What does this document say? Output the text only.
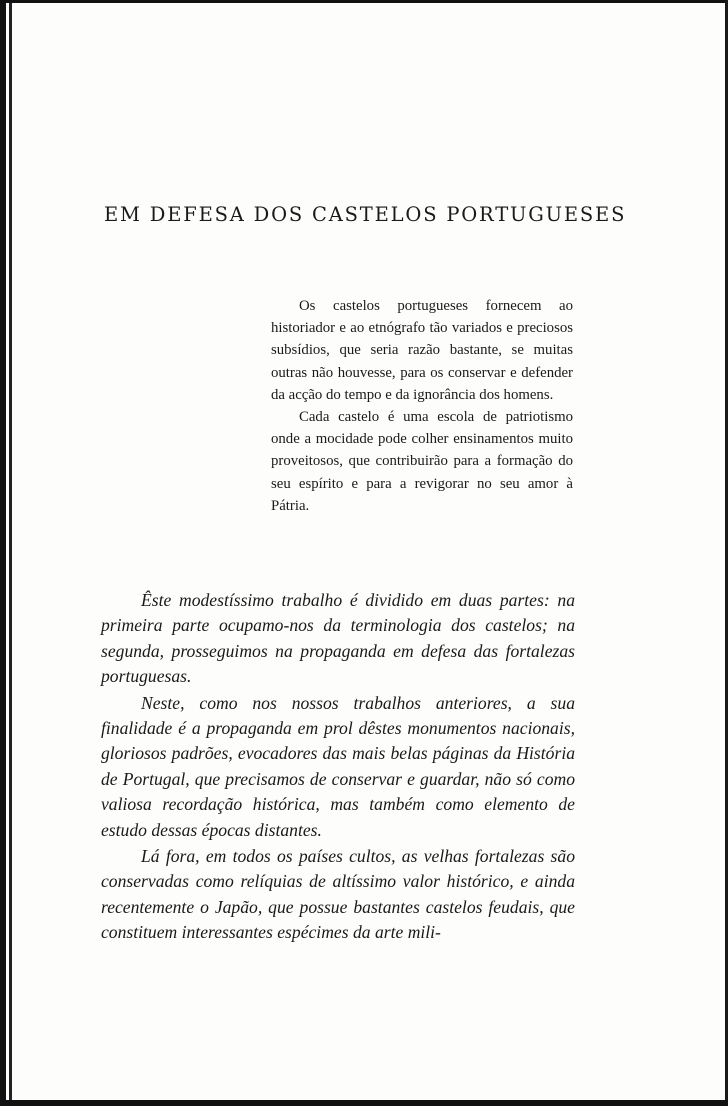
EM DEFESA DOS CASTELOS PORTUGUESES

Os castelos portugueses fornecem ao historiador e ao etnógrafo tão variados e preciosos subsídios, que seria razão bastante, se muitas outras não houvesse, para os conservar e defender da acção do tempo e da ignorância dos homens.

Cada castelo é uma escola de patriotismo onde a mocidade pode colher ensinamentos muito proveitosos, que contribuirão para a formação do seu espírito e para a revigorar no seu amor à Pátria.

Êste modestíssimo trabalho é dividido em duas partes: na primeira parte ocupamo-nos da terminologia dos castelos; na segunda, prosseguimos na propaganda em defesa das fortalezas portuguesas.

Neste, como nos nossos trabalhos anteriores, a sua finalidade é a propaganda em prol dêstes monumentos nacionais, gloriosos padrões, evocadores das mais belas páginas da História de Portugal, que precisamos de conservar e guardar, não só como valiosa recordação histórica, mas também como elemento de estudo dessas épocas distantes.

Lá fora, em todos os países cultos, as velhas fortalezas são conservadas como relíquias de altíssimo valor histórico, e ainda recentemente o Japão, que possue bastantes castelos feudais, que constituem interessantes espécimes da arte mili-
